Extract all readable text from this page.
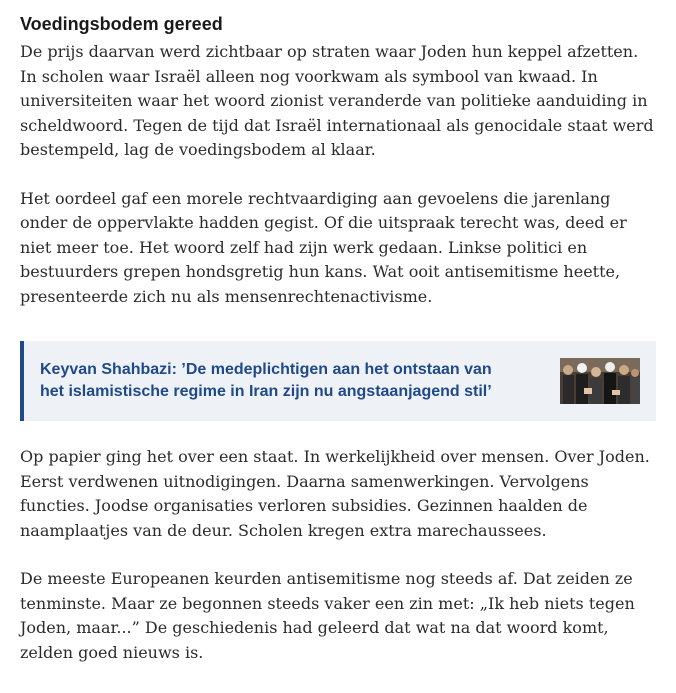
Voedingsbodem gereed

De prijs daarvan werd zichtbaar op straten waar Joden hun keppel afzetten. In scholen waar Israël alleen nog voorkwam als symbool van kwaad. In universiteiten waar het woord zionist veranderde van politieke aanduiding in scheldwoord. Tegen de tijd dat Israël internationaal als genocidale staat werd bestempeld, lag de voedingsbodem al klaar.

Het oordeel gaf een morele rechtvaardiging aan gevoelens die jarenlang onder de oppervlakte hadden gegist. Of die uitspraak terecht was, deed er niet meer toe. Het woord zelf had zijn werk gedaan. Linkse politici en bestuurders grepen hondsgretig hun kans. Wat ooit antisemitisme heette, presenteerde zich nu als mensenrechtenactivisme.

Keyvan Shahbazi: ’De medeplichtigen aan het ontstaan van het islamistische regime in Iran zijn nu angstaanjagend stil’

Op papier ging het over een staat. In werkelijkheid over mensen. Over Joden. Eerst verdwenen uitnodigingen. Daarna samenwerkingen. Vervolgens functies. Joodse organisaties verloren subsidies. Gezinnen haalden de naamplaatjes van de deur. Scholen kregen extra marechaussees.

De meeste Europeanen keurden antisemitisme nog steeds af. Dat zeiden ze tenminste. Maar ze begonnen steeds vaker een zin met: „Ik heb niets tegen Joden, maar...” De geschiedenis had geleerd dat wat na dat woord komt, zelden goed nieuws is.
